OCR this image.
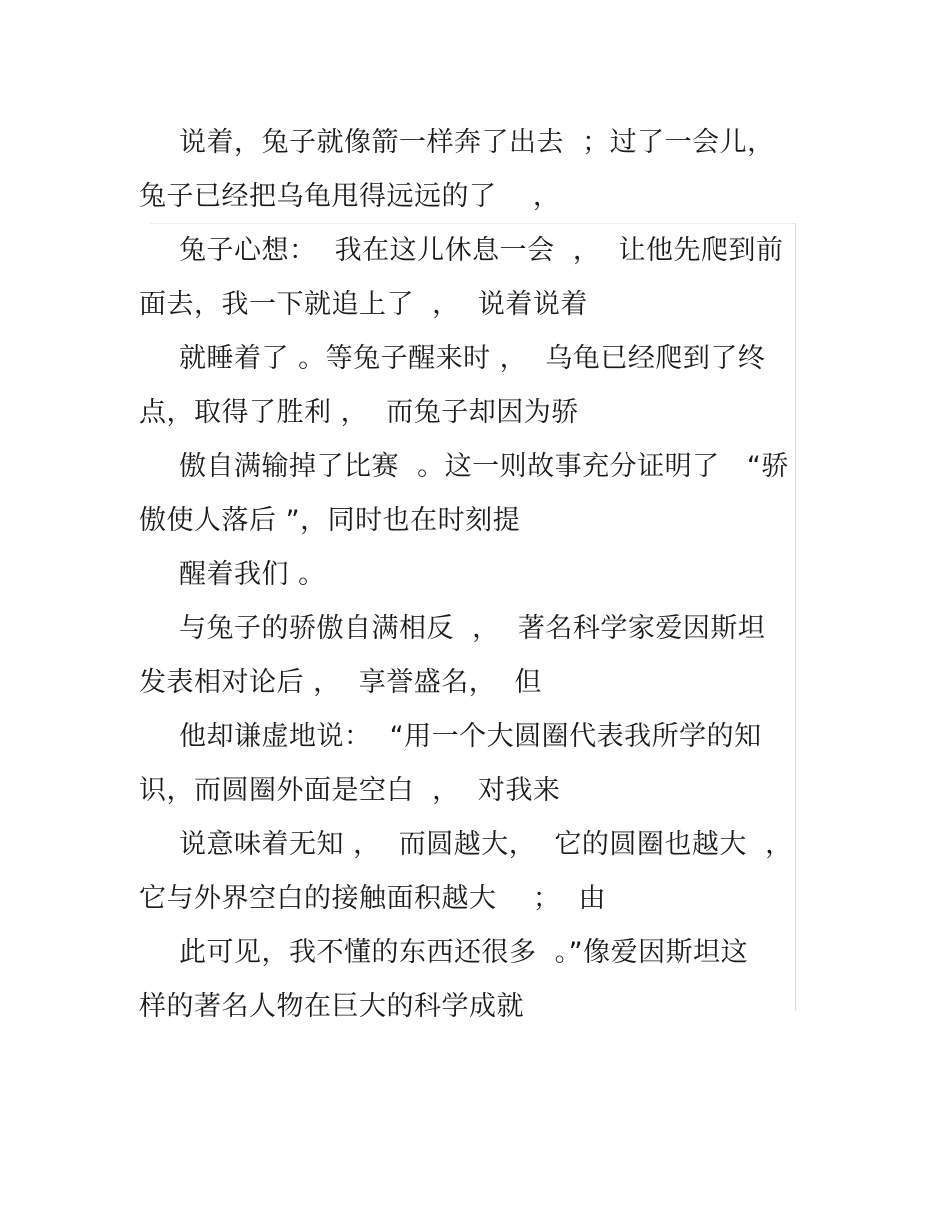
说着，兔子就像箭一样奔了出去  ；过了一会儿，

兔子已经把乌龟甩得远远的了    ，

兔子心想：  我在这儿休息一会  ，  让他先爬到前

面去，我一下就追上了  ，  说着说着

就睡着了 。等兔子醒来时 ，  乌龟已经爬到了终

点，取得了胜利 ，  而兔子却因为骄

傲自满输掉了比赛  。这一则故事充分证明了   “骄

傲使人落后 ”，同时也在时刻提

醒着我们 。

与兔子的骄傲自满相反  ，  著名科学家爱因斯坦

发表相对论后 ，  享誉盛名，  但

他却谦虚地说：  “用一个大圆圈代表我所学的知

识，而圆圈外面是空白  ，  对我来

说意味着无知 ，  而圆越大，  它的圆圈也越大  ，

它与外界空白的接触面积越大    ；  由

此可见，我不懂的东西还很多  。”像爱因斯坦这

样的著名人物在巨大的科学成就
